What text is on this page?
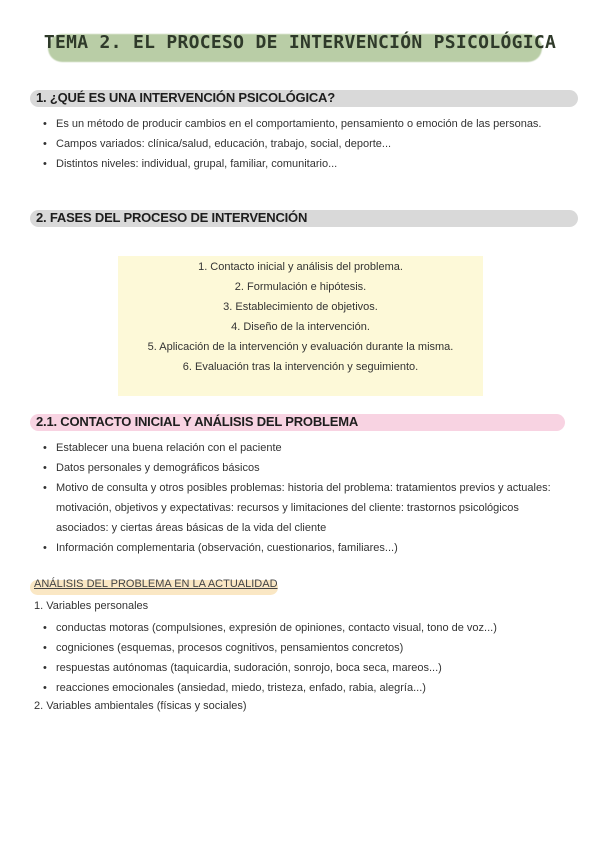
TEMA 2. EL PROCESO DE INTERVENCIÓN PSICOLÓGICA
1. ¿QUÉ ES UNA INTERVENCIÓN PSICOLÓGICA?
• Es un método de producir cambios en el comportamiento, pensamiento o emoción de las personas.
• Campos variados: clínica/salud, educación, trabajo, social, deporte...
• Distintos niveles: individual, grupal, familiar, comunitario...
2. FASES DEL PROCESO DE INTERVENCIÓN
1. Contacto inicial y análisis del problema.
2. Formulación e hipótesis.
3. Establecimiento de objetivos.
4. Diseño de la intervención.
5. Aplicación de la intervención y evaluación durante la misma.
6. Evaluación tras la intervención y seguimiento.
2.1. CONTACTO INICIAL Y ANÁLISIS DEL PROBLEMA
• Establecer una buena relación con el paciente
• Datos personales y demográficos básicos
• Motivo de consulta y otros posibles problemas: historia del problema: tratamientos previos y actuales: motivación, objetivos y expectativas: recursos y limitaciones del cliente: trastornos psicológicos asociados: y ciertas áreas básicas de la vida del cliente
• Información complementaria (observación, cuestionarios, familiares...)
ANÁLISIS DEL PROBLEMA EN LA ACTUALIDAD
1. Variables personales
• conductas motoras (compulsiones, expresión de opiniones, contacto visual, tono de voz...)
• cogniciones (esquemas, procesos cognitivos, pensamientos concretos)
• respuestas autónomas (taquicardia, sudoración, sonrojo, boca seca, mareos...)
• reacciones emocionales (ansiedad, miedo, tristeza, enfado, rabia, alegría...)
2. Variables ambientales (físicas y sociales)
